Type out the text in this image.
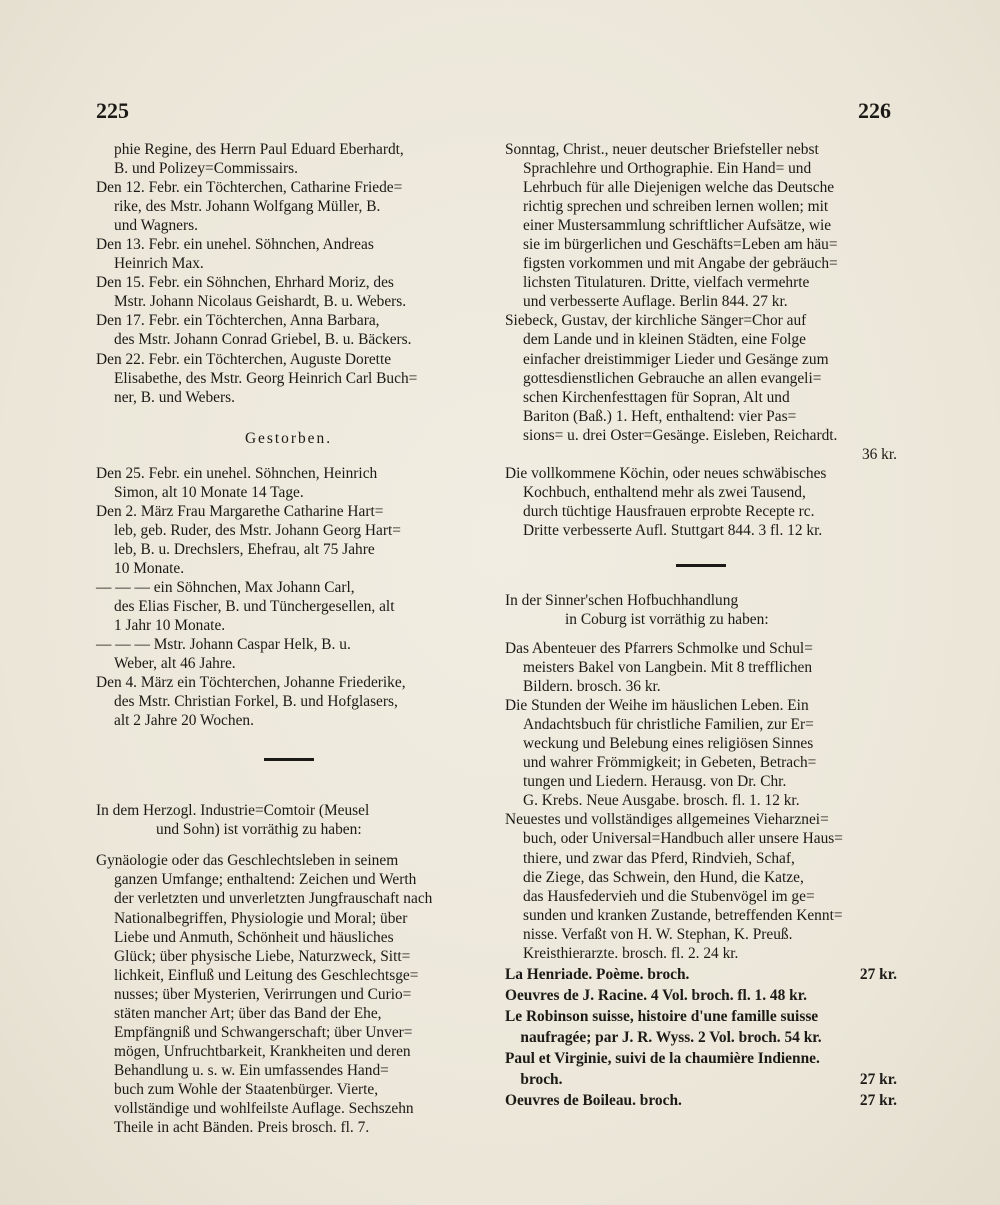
225	226
phie Regine, des Herrn Paul Eduard Eberhardt,
B. und Polizey=Commissairs.
Den 12. Febr. ein Töchterchen, Catharine Friede=
rike, des Mstr. Johann Wolfgang Müller, B.
und Wagners.
Den 13. Febr. ein unehel. Söhnchen, Andreas
Heinrich Max.
Den 15. Febr. ein Söhnchen, Ehrhard Moriz, des
Mstr. Johann Nicolaus Geishardt, B. u. Webers.
Den 17. Febr. ein Töchterchen, Anna Barbara,
des Mstr. Johann Conrad Griebel, B. u. Bäckers.
Den 22. Febr. ein Töchterchen, Auguste Dorette
Elisabethe, des Mstr. Georg Heinrich Carl Buch=
ner, B. und Webers.
Gestorben.
Den 25. Febr. ein unehel. Söhnchen, Heinrich
Simon, alt 10 Monate 14 Tage.
Den 2. März Frau Margarethe Catharine Hart=
leb, geb. Ruder, des Mstr. Johann Georg Hart=
leb, B. u. Drechslers, Ehefrau, alt 75 Jahre
10 Monate.
— — — ein Söhnchen, Max Johann Carl,
des Elias Fischer, B. und Tünchergesellen, alt
1 Jahr 10 Monate.
— — — Mstr. Johann Caspar Helk, B. u.
Weber, alt 46 Jahre.
Den 4. März ein Töchterchen, Johanne Friederike,
des Mstr. Christian Forkel, B. und Hofglasers,
alt 2 Jahre 20 Wochen.
In dem Herzogl. Industrie=Comtoir (Meusel
und Sohn) ist vorräthig zu haben:
Gynäologie oder das Geschlechtsleben in seinem
ganzen Umfange; enthaltend: Zeichen und Werth
der verletzten und unverletzten Jungfrauschaft nach
Nationalbegriffen, Physiologie und Moral; über
Liebe und Anmuth, Schönheit und häusliches
Glück; über physische Liebe, Naturzweck, Sitt=
lichkeit, Einfluß und Leitung des Geschlechtsge=
nusses; über Mysterien, Verirrungen und Curio=
stäten mancher Art; über das Band der Ehe,
Empfängniß und Schwangerschaft; über Unver=
mögen, Unfruchtbarkeit, Krankheiten und deren
Behandlung u. s. w. Ein umfassendes Hand=
buch zum Wohle der Staatenbürger. Vierte,
vollständige und wohlfeilste Auflage. Sechszehn
Theile in acht Bänden. Preis brosch. fl. 7.
Sonntag, Christ., neuer deutscher Briefsteller nebst
Sprachlehre und Orthographie. Ein Hand= und
Lehrbuch für alle Diejenigen welche das Deutsche
richtig sprechen und schreiben lernen wollen; mit
einer Mustersammlung schriftlicher Aufsätze, wie
sie im bürgerlichen und Geschäfts=Leben am häu=
figsten vorkommen und mit Angabe der gebräuch=
lichsten Titulaturen. Dritte, vielfach vermehrte
und verbesserte Auflage. Berlin 844. 27 kr.
Siebeck, Gustav, der kirchliche Sänger=Chor auf
dem Lande und in kleinen Städten, eine Folge
einfacher dreistimmiger Lieder und Gesänge zum
gottesdienstlichen Gebrauche an allen evangeli=
schen Kirchenfesttagen für Sopran, Alt und
Bariton (Baß.) 1. Heft, enthaltend: vier Pas=
sions= u. drei Oster=Gesänge. Eisleben, Reichardt.
36 kr.
Die vollkommene Köchin, oder neues schwäbisches
Kochbuch, enthaltend mehr als zwei Tausend,
durch tüchtige Hausfrauen erprobte Recepte rc.
Dritte verbesserte Aufl. Stuttgart 844. 3 fl. 12 kr.
In der Sinner'schen Hofbuchhandlung
in Coburg ist vorräthig zu haben:
Das Abenteuer des Pfarrers Schmolke und Schul=
meisters Bakel von Langbein. Mit 8 trefflichen
Bildern. brosch. 36 kr.
Die Stunden der Weihe im häuslichen Leben. Ein
Andachtsbuch für christliche Familien, zur Er=
weckung und Belebung eines religiösen Sinnes
und wahrer Frömmigkeit; in Gebeten, Betrach=
tungen und Liedern. Herausg. von Dr. Chr.
G. Krebs. Neue Ausgabe. brosch. fl. 1. 12 kr.
Neuestes und vollständiges allgemeines Vieharznei=
buch, oder Universal=Handbuch aller unsere Haus=
thiere, und zwar das Pferd, Rindvieh, Schaf,
die Ziege, das Schwein, den Hund, die Katze,
das Hausfedervieh und die Stubenvögel im ge=
sunden und kranken Zustande, betreffenden Kennt=
nisse. Verfaßt von H. W. Stephan, K. Preuß.
Kreisthierarzte. brosch. fl. 2. 24 kr.
La Henriade. Poème. broch.	27 kr.
Oeuvres de J. Racine. 4 Vol. broch. fl. 1. 48 kr.
Le Robinson suisse, histoire d'une famille suisse
naufragée; par J. R. Wyss. 2 Vol. broch. 54 kr.
Paul et Virginie, suivi de la chaumière Indienne.
broch.	27 kr.
Oeuvres de Boileau. broch.	27 kr.
